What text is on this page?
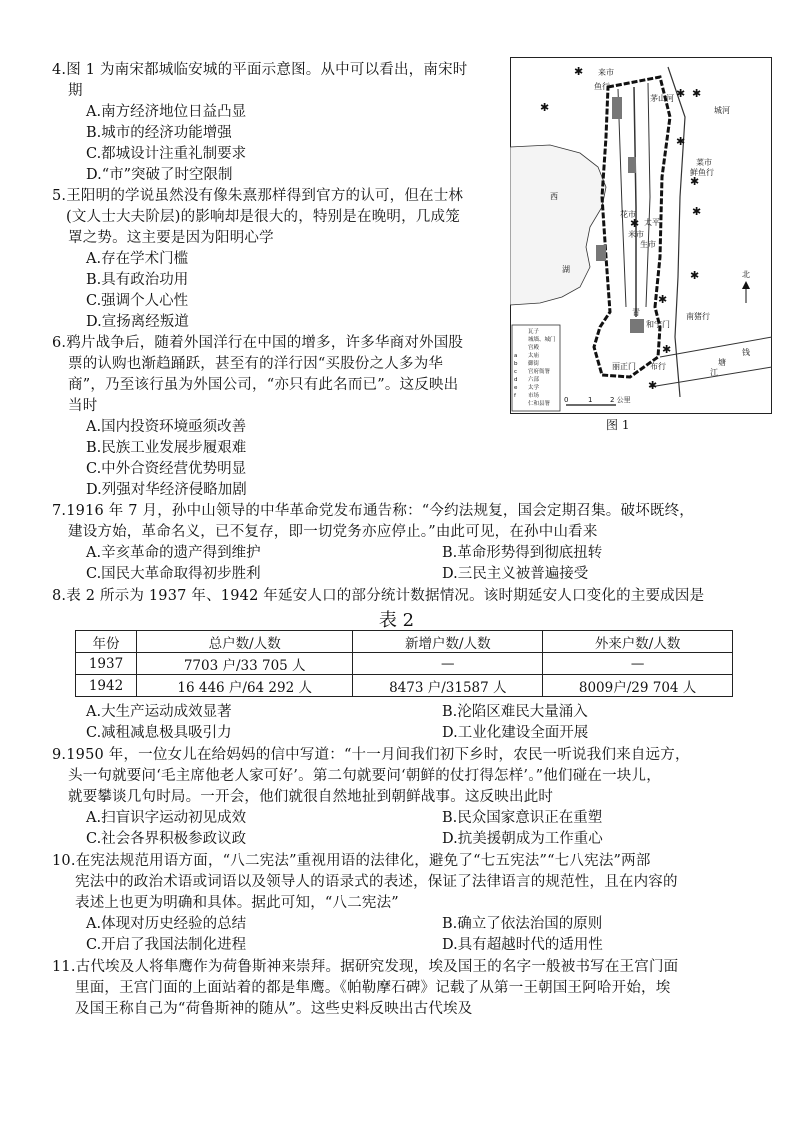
4.图 1 为南宋都城临安城的平面示意图。从中可以看出，南宋时
期
A.南方经济地位日益凸显
B.城市的经济功能增强
C.都城设计注重礼制要求
D.“市”突破了时空限制
5.王阳明的学说虽然没有像朱熹那样得到官方的认可，但在士林
(文人士大夫阶层)的影响却是很大的，特别是在晚明，几成笼
罩之势。这主要是因为阳明心学
A.存在学术门槛
B.具有政治功用
C.强调个人心性
D.宣扬离经叛道
6.鸦片战争后，随着外国洋行在中国的增多，许多华商对外国股
票的认购也渐趋踊跃，甚至有的洋行因“买股份之人多为华
商”，乃至该行虽为外国公司，“亦只有此名而已”。这反映出
当时
A.国内投资环境亟须改善
B.民族工业发展步履艰难
C.中外合资经营优势明显
D.列强对华经济侵略加剧
7.1916 年 7 月，孙中山领导的中华革命党发布通告称：“今约法规复，国会定期召集。破坏既终，
建设方始，革命名义，已不复存，即一切党务亦应停止。”由此可见，在孙中山看来
A.辛亥革命的遗产得到维护	B.革命形势得到彻底扭转
C.国民大革命取得初步胜利	D.三民主义被普遍接受
8.表 2 所示为 1937 年、1942 年延安人口的部分统计数据情况。该时期延安人口变化的主要成因是
表 2
年份	总户数/人数	新增户数/人数	外来户数/人数
1937	7703 户/33 705 人	—	—
1942	16 446 户/64 292 人	8473 户/31587 人	8009户/29 704 人
A.大生产运动成效显著	B.沦陷区难民大量涌入
C.减租减息极具吸引力	D.工业化建设全面开展
9.1950 年，一位女儿在给妈妈的信中写道：“十一月间我们初下乡时，农民一听说我们来自远方，
头一句就要问‘毛主席他老人家可好’。第二句就要问‘朝鲜的仗打得怎样’。”他们碰在一块儿，
就要攀谈几句时局。一开会，他们就很自然地扯到朝鲜战事。这反映出此时
A.扫盲识字运动初见成效	B.民众国家意识正在重塑
C.社会各界积极参政议政	D.抗美援朝成为工作重心
10.在宪法规范用语方面，“八二宪法”重视用语的法律化，避免了“七五宪法”“七八宪法”两部
宪法中的政治术语或词语以及领导人的语录式的表述，保证了法律语言的规范性，且在内容的
表述上也更为明确和具体。据此可知，“八二宪法”
A.体现对历史经验的总结	B.确立了依法治国的原则
C.开启了我国法制化进程	D.具有超越时代的适用性
11.古代埃及人将隼鹰作为荷鲁斯神来崇拜。据研究发现，埃及国王的名字一般被书写在王宫门面
里面，王宫门面的上面站着的都是隼鹰。《帕勒摩石碑》记载了从第一王朝国王阿哈开始，埃
及国王称自己为“荷鲁斯神的随从”。这些史料反映出古代埃及
✱
✱
✱ ✱
✱
✱
✱
✱
✱
✱
✱
✱
来市
鱼行
茅山河
城河
菜市
鲜鱼行
花市
西
湖
米市
太平
生市
青
和宁门
丽正门
南猪行
布行
江
钱
塘
北
瓦子
城墙、城门
宫殿
a 太庙
b 御街
c 官府衙署
d 六部
e 太学
f 市场
仁和县署 0	1	2 公里
图 1
